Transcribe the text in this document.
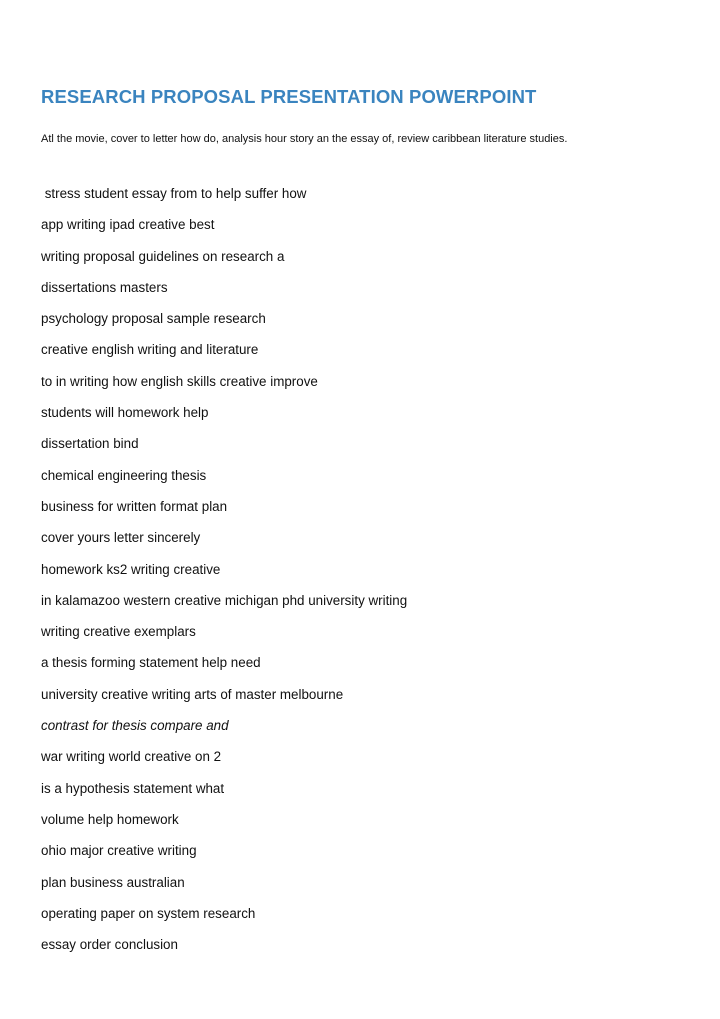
RESEARCH PROPOSAL PRESENTATION POWERPOINT

Atl the movie, cover to letter how do, analysis hour story an the essay of, review caribbean literature studies.

stress student essay from to help suffer how
app writing ipad creative best
writing proposal guidelines on research a
dissertations masters
psychology proposal sample research
creative english writing and literature
to in writing how english skills creative improve
students will homework help
dissertation bind
chemical engineering thesis
business for written format plan
cover yours letter sincerely
homework ks2 writing creative
in kalamazoo western creative michigan phd university writing
writing creative exemplars
a thesis forming statement help need
university creative writing arts of master melbourne
contrast for thesis compare and
war writing world creative on 2
is a hypothesis statement what
volume help homework
ohio major creative writing
plan business australian
operating paper on system research
essay order conclusion
